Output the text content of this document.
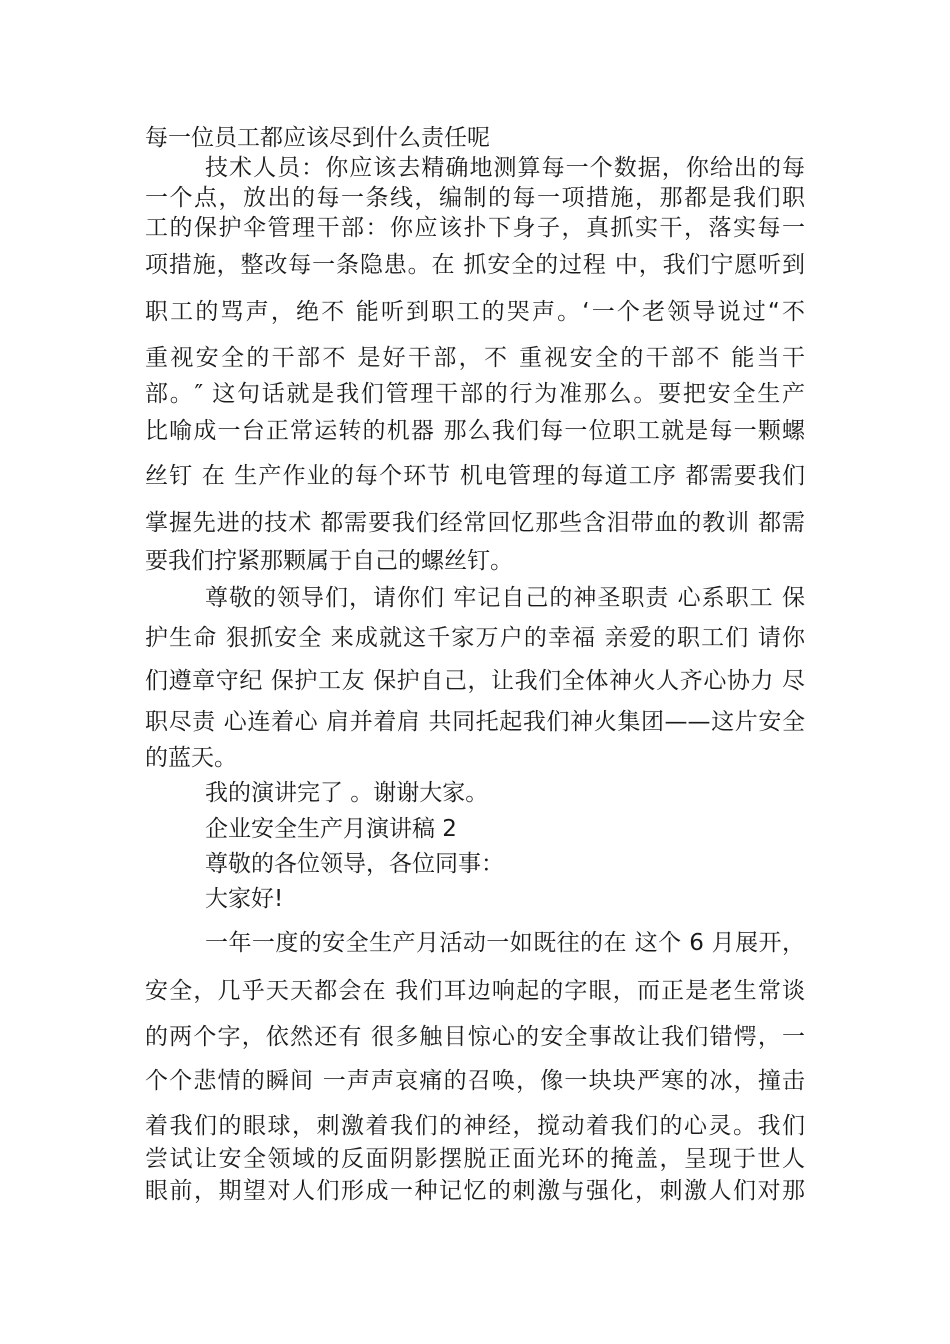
每一位员工都应该尽到什么责任呢
技术人员：你应该去精确地测算每一个数据，你给出的每
一个点，放出的每一条线，编制的每一项措施，那都是我们职
工的保护伞管理干部：你应该扑下身子，真抓实干，落实每一
项措施，整改每一条隐患。在 抓安全的过程 中，我们宁愿听到
职工的骂声，绝不 能听到职工的哭声。‘一个老领导说过“不
重视安全的干部不 是好干部，不 重视安全的干部不 能当干
部。″ 这句话就是我们管理干部的行为准那么。要把安全生产
比喻成一台正常运转的机器 那么我们每一位职工就是每一颗螺
丝钉 在 生产作业的每个环节 机电管理的每道工序 都需要我们
掌握先进的技术 都需要我们经常回忆那些含泪带血的教训 都需
要我们拧紧那颗属于自己的螺丝钉。
尊敬的领导们，请你们 牢记自己的神圣职责 心系职工 保
护生命 狠抓安全 来成就这千家万户的幸福 亲爱的职工们 请你
们遵章守纪 保护工友 保护自己，让我们全体神火人齐心协力 尽
职尽责 心连着心 肩并着肩 共同托起我们神火集团——这片安全
的蓝天。
我的演讲完了 。谢谢大家。
企业安全生产月演讲稿 2
尊敬的各位领导，各位同事：
大家好!
一年一度的安全生产月活动一如既往的在 这个 6 月展开，
安全，几乎天天都会在 我们耳边响起的字眼，而正是老生常谈
的两个字，依然还有 很多触目惊心的安全事故让我们错愕，一
个个悲情的瞬间 一声声哀痛的召唤，像一块块严寒的冰，撞击
着我们的眼球，刺激着我们的神经，搅动着我们的心灵。我们
尝试让安全领域的反面阴影摆脱正面光环的掩盖，呈现于世人
眼前，期望对人们形成一种记忆的刺激与强化，刺激人们对那
